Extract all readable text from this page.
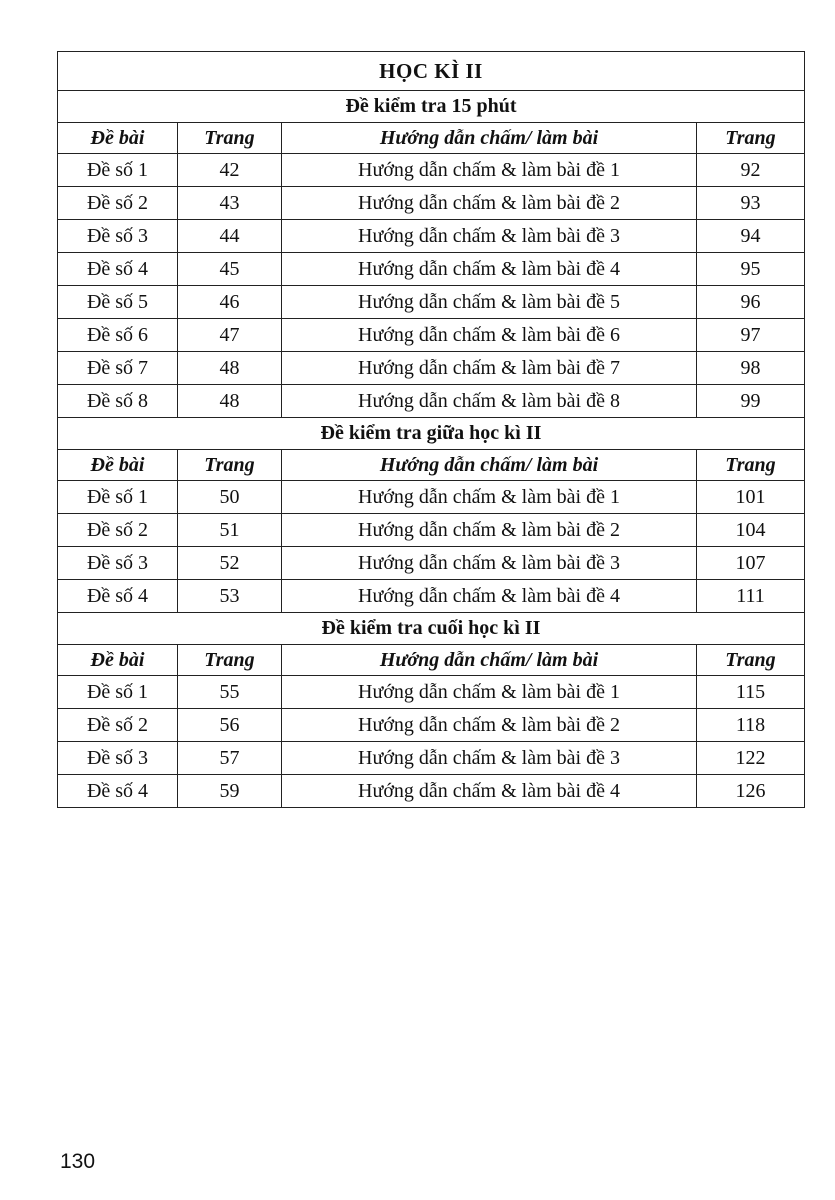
HỌC KÌ II			
Đề kiểm tra 15 phút			
Đề bài	Trang	Hướng dẫn chấm/ làm bài	Trang
Đề số 1	42	Hướng dẫn chấm & làm bài đề 1	92
Đề số 2	43	Hướng dẫn chấm & làm bài đề 2	93
Đề số 3	44	Hướng dẫn chấm & làm bài đề 3	94
Đề số 4	45	Hướng dẫn chấm & làm bài đề 4	95
Đề số 5	46	Hướng dẫn chấm & làm bài đề 5	96
Đề số 6	47	Hướng dẫn chấm & làm bài đề 6	97
Đề số 7	48	Hướng dẫn chấm & làm bài đề 7	98
Đề số 8	48	Hướng dẫn chấm & làm bài đề 8	99
Đề kiểm tra giữa học kì II			
Đề bài	Trang	Hướng dẫn chấm/ làm bài	Trang
Đề số 1	50	Hướng dẫn chấm & làm bài đề 1	101
Đề số 2	51	Hướng dẫn chấm & làm bài đề 2	104
Đề số 3	52	Hướng dẫn chấm & làm bài đề 3	107
Đề số 4	53	Hướng dẫn chấm & làm bài đề 4	111
Đề kiểm tra cuối học kì II			
Đề bài	Trang	Hướng dẫn chấm/ làm bài	Trang
Đề số 1	55	Hướng dẫn chấm & làm bài đề 1	115
Đề số 2	56	Hướng dẫn chấm & làm bài đề 2	118
Đề số 3	57	Hướng dẫn chấm & làm bài đề 3	122
Đề số 4	59	Hướng dẫn chấm & làm bài đề 4	126
130
